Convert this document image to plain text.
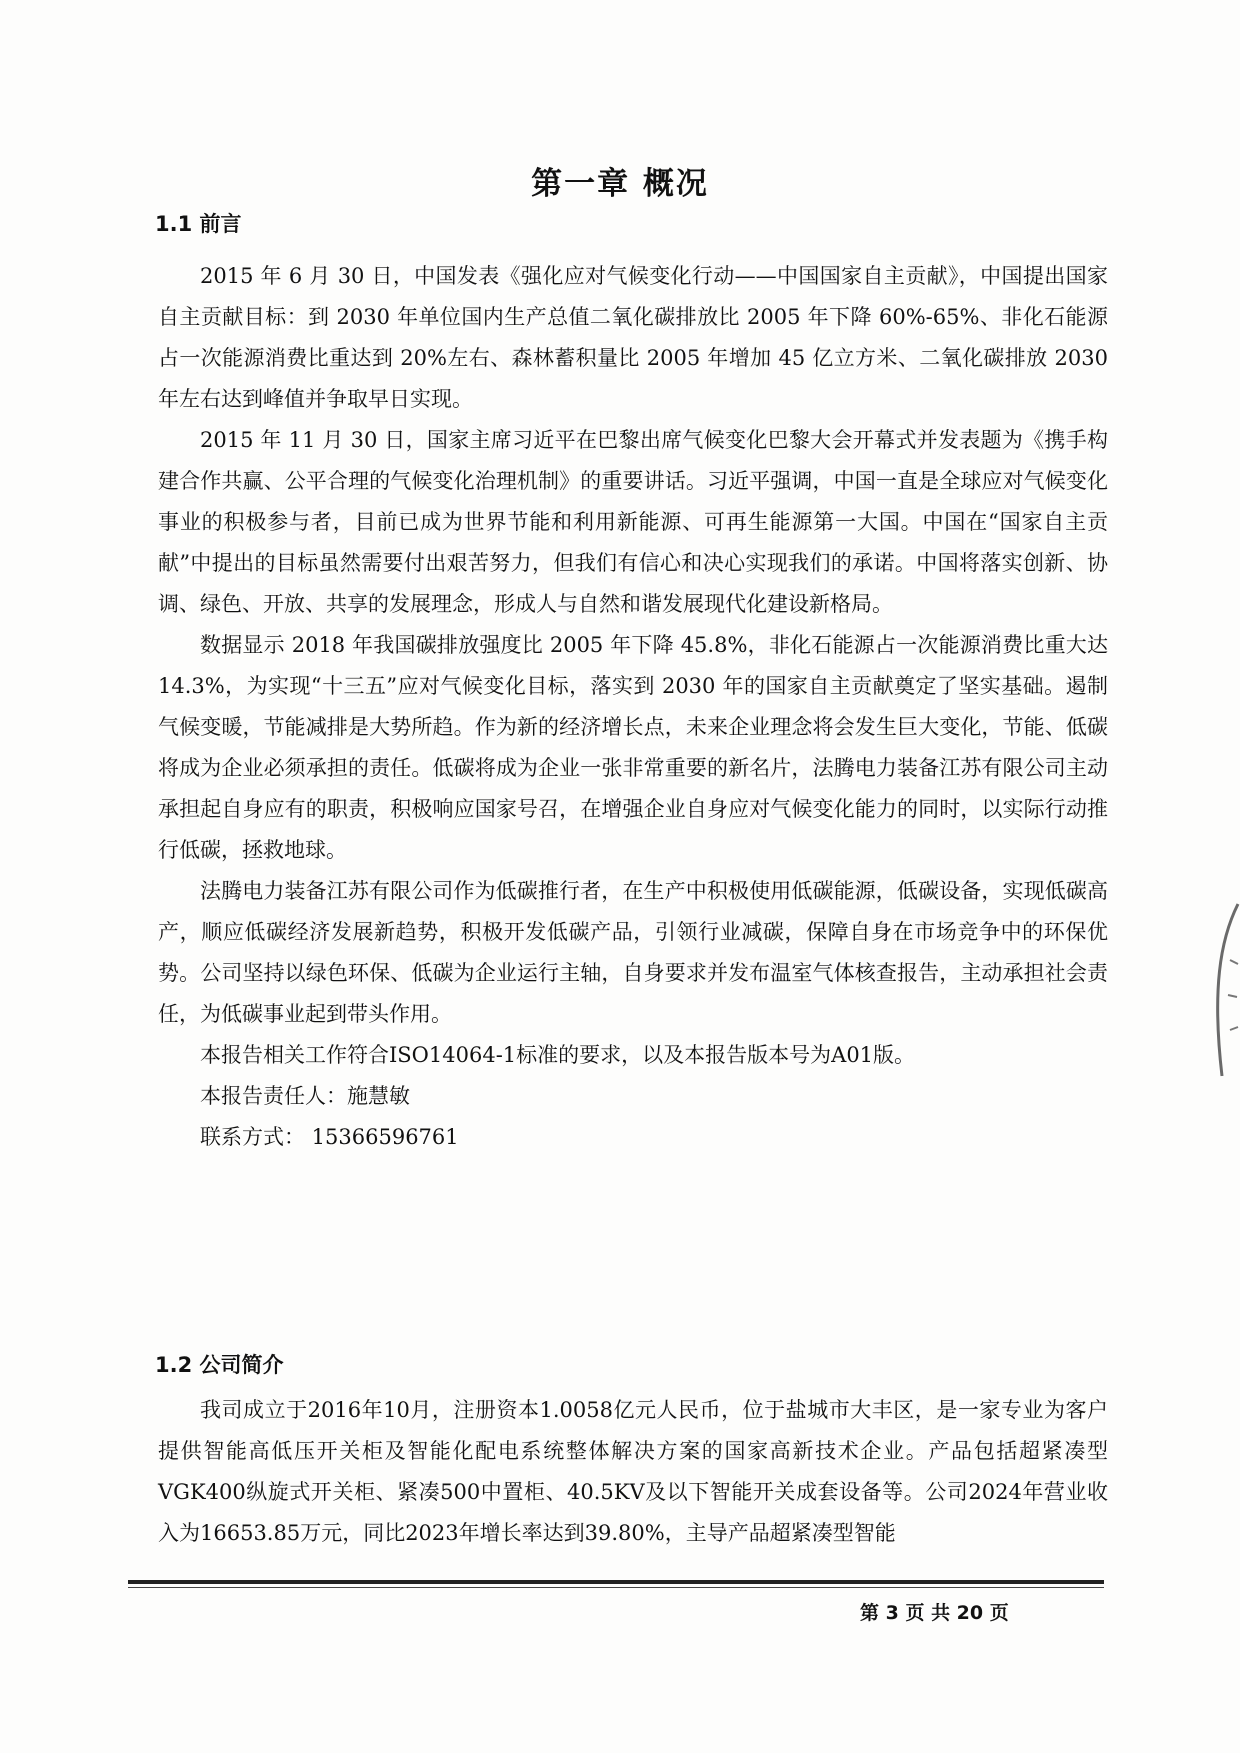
第一章 概况
1.1 前言

2015 年 6 月 30 日，中国发表《强化应对气候变化行动——中国国家自主贡献》，中国提出国家自主贡献目标：到 2030 年单位国内生产总值二氧化碳排放比 2005 年下降 60%-65%、非化石能源占一次能源消费比重达到 20%左右、森林蓄积量比 2005 年增加 45 亿立方米、二氧化碳排放 2030 年左右达到峰值并争取早日实现。

2015 年 11 月 30 日，国家主席习近平在巴黎出席气候变化巴黎大会开幕式并发表题为《携手构建合作共赢、公平合理的气候变化治理机制》的重要讲话。习近平强调，中国一直是全球应对气候变化事业的积极参与者，目前已成为世界节能和利用新能源、可再生能源第一大国。中国在“国家自主贡献”中提出的目标虽然需要付出艰苦努力，但我们有信心和决心实现我们的承诺。中国将落实创新、协调、绿色、开放、共享的发展理念，形成人与自然和谐发展现代化建设新格局。

数据显示 2018 年我国碳排放强度比 2005 年下降 45.8%，非化石能源占一次能源消费比重大达 14.3%，为实现“十三五”应对气候变化目标，落实到 2030 年的国家自主贡献奠定了坚实基础。遏制气候变暖，节能减排是大势所趋。作为新的经济增长点，未来企业理念将会发生巨大变化，节能、低碳将成为企业必须承担的责任。低碳将成为企业一张非常重要的新名片，法腾电力装备江苏有限公司主动承担起自身应有的职责，积极响应国家号召，在增强企业自身应对气候变化能力的同时，以实际行动推行低碳，拯救地球。

法腾电力装备江苏有限公司作为低碳推行者，在生产中积极使用低碳能源，低碳设备，实现低碳高产，顺应低碳经济发展新趋势，积极开发低碳产品，引领行业减碳，保障自身在市场竞争中的环保优势。公司坚持以绿色环保、低碳为企业运行主轴，自身要求并发布温室气体核查报告，主动承担社会责任，为低碳事业起到带头作用。

本报告相关工作符合ISO14064-1标准的要求，以及本报告版本号为A01版。

本报告责任人：施慧敏

联系方式： 15366596761

1.2 公司简介

我司成立于2016年10月，注册资本1.0058亿元人民币，位于盐城市大丰区，是一家专业为客户提供智能高低压开关柜及智能化配电系统整体解决方案的国家高新技术企业。产品包括超紧凑型VGK400纵旋式开关柜、紧凑500中置柜、40.5KV及以下智能开关成套设备等。公司2024年营业收入为16653.85万元，同比2023年增长率达到39.80%，主导产品超紧凑型智能

第 3 页 共 20 页
